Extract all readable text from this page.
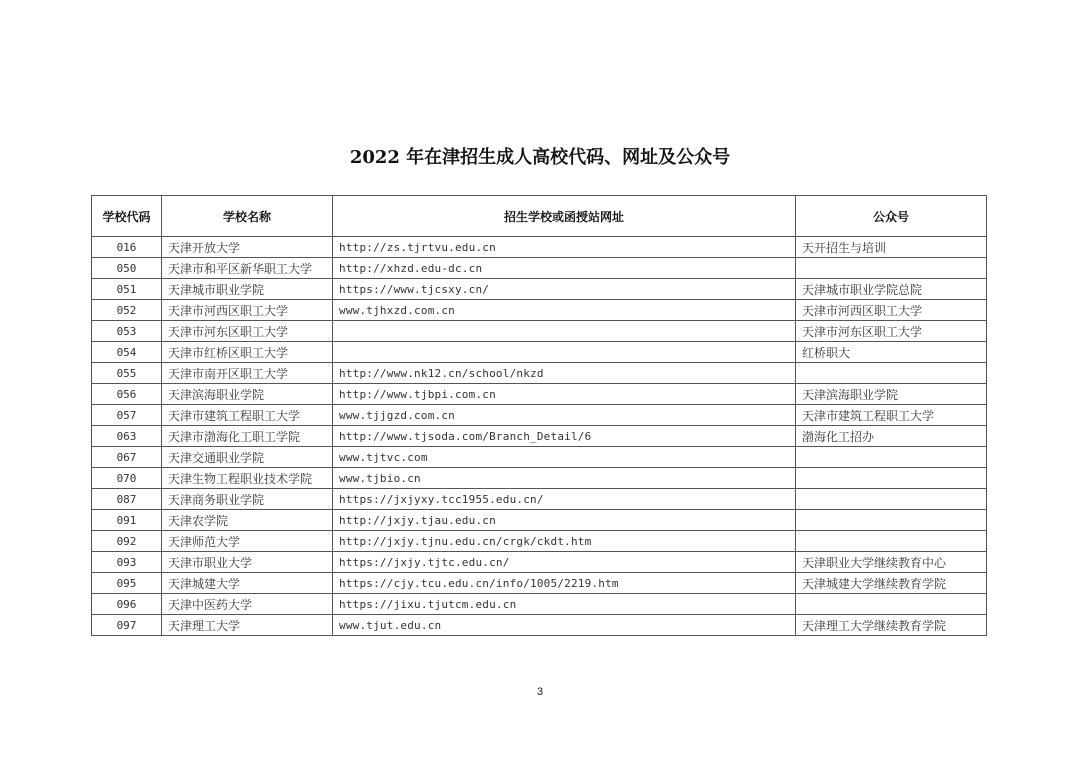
2022 年在津招生成人高校代码、网址及公众号
学校代码	学校名称	招生学校或函授站网址	公众号
016	天津开放大学	http://zs.tjrtvu.edu.cn	天开招生与培训
050	天津市和平区新华职工大学	http://xhzd.edu-dc.cn	
051	天津城市职业学院	https://www.tjcsxy.cn/	天津城市职业学院总院
052	天津市河西区职工大学	www.tjhxzd.com.cn	天津市河西区职工大学
053	天津市河东区职工大学		天津市河东区职工大学
054	天津市红桥区职工大学		红桥职大
055	天津市南开区职工大学	http://www.nk12.cn/school/nkzd	
056	天津滨海职业学院	http://www.tjbpi.com.cn	天津滨海职业学院
057	天津市建筑工程职工大学	www.tjjgzd.com.cn	天津市建筑工程职工大学
063	天津市渤海化工职工学院	http://www.tjsoda.com/Branch_Detail/6	渤海化工招办
067	天津交通职业学院	www.tjtvc.com	
070	天津生物工程职业技术学院	www.tjbio.cn	
087	天津商务职业学院	https://jxjyxy.tcc1955.edu.cn/	
091	天津农学院	http://jxjy.tjau.edu.cn	
092	天津师范大学	http://jxjy.tjnu.edu.cn/crgk/ckdt.htm	
093	天津市职业大学	https://jxjy.tjtc.edu.cn/	天津职业大学继续教育中心
095	天津城建大学	https://cjy.tcu.edu.cn/info/1005/2219.htm	天津城建大学继续教育学院
096	天津中医药大学	https://jixu.tjutcm.edu.cn	
097	天津理工大学	www.tjut.edu.cn	天津理工大学继续教育学院
3
